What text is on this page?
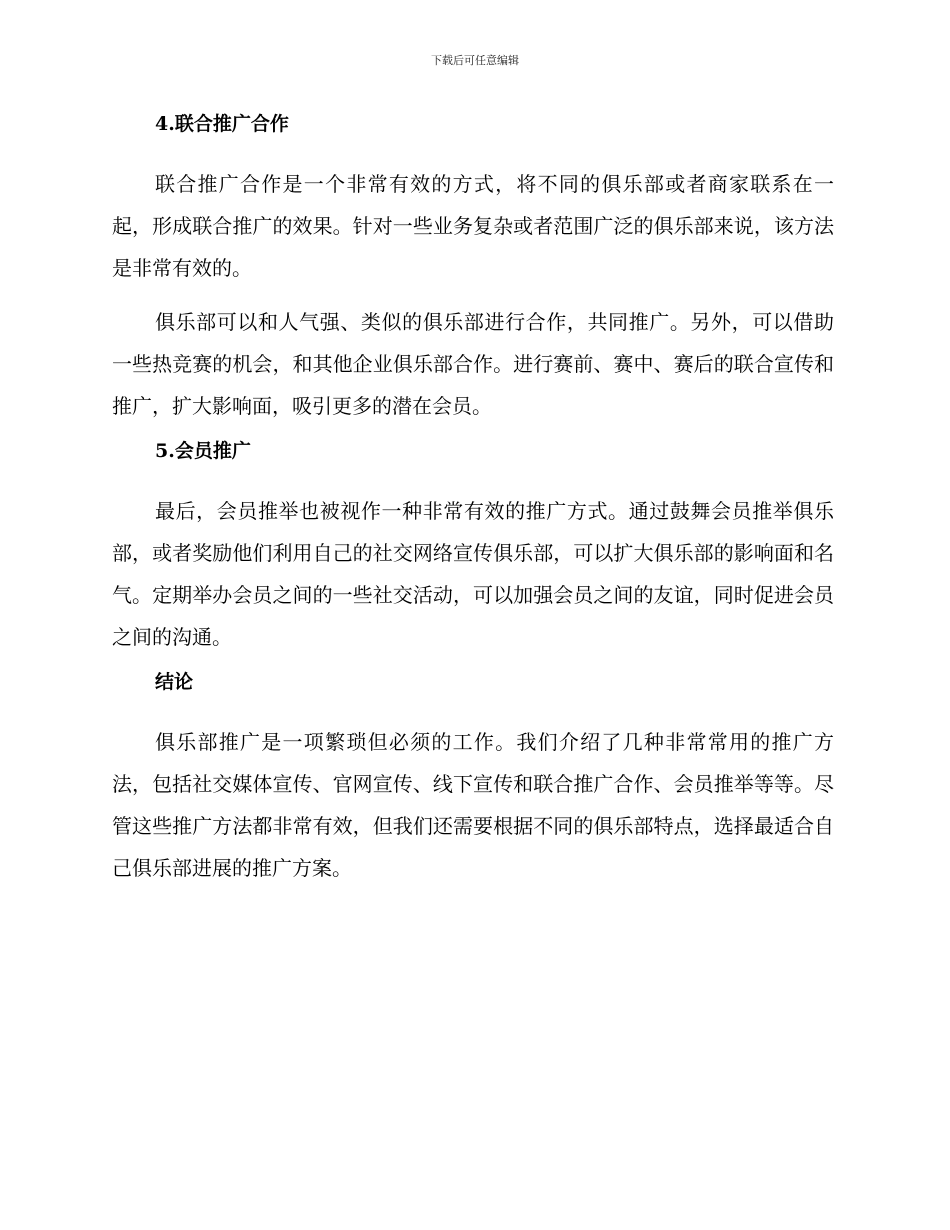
下载后可任意编辑
4.联合推广合作

联合推广合作是一个非常有效的方式，将不同的俱乐部或者商家联系在一起，形成联合推广的效果。针对一些业务复杂或者范围广泛的俱乐部来说，该方法是非常有效的。

俱乐部可以和人气强、类似的俱乐部进行合作，共同推广。另外，可以借助一些热竞赛的机会，和其他企业俱乐部合作。进行赛前、赛中、赛后的联合宣传和推广，扩大影响面，吸引更多的潜在会员。

5.会员推广

最后，会员推举也被视作一种非常有效的推广方式。通过鼓舞会员推举俱乐部，或者奖励他们利用自己的社交网络宣传俱乐部，可以扩大俱乐部的影响面和名气。定期举办会员之间的一些社交活动，可以加强会员之间的友谊，同时促进会员之间的沟通。

结论

俱乐部推广是一项繁琐但必须的工作。我们介绍了几种非常常用的推广方法，包括社交媒体宣传、官网宣传、线下宣传和联合推广合作、会员推举等等。尽管这些推广方法都非常有效，但我们还需要根据不同的俱乐部特点，选择最适合自己俱乐部进展的推广方案。
